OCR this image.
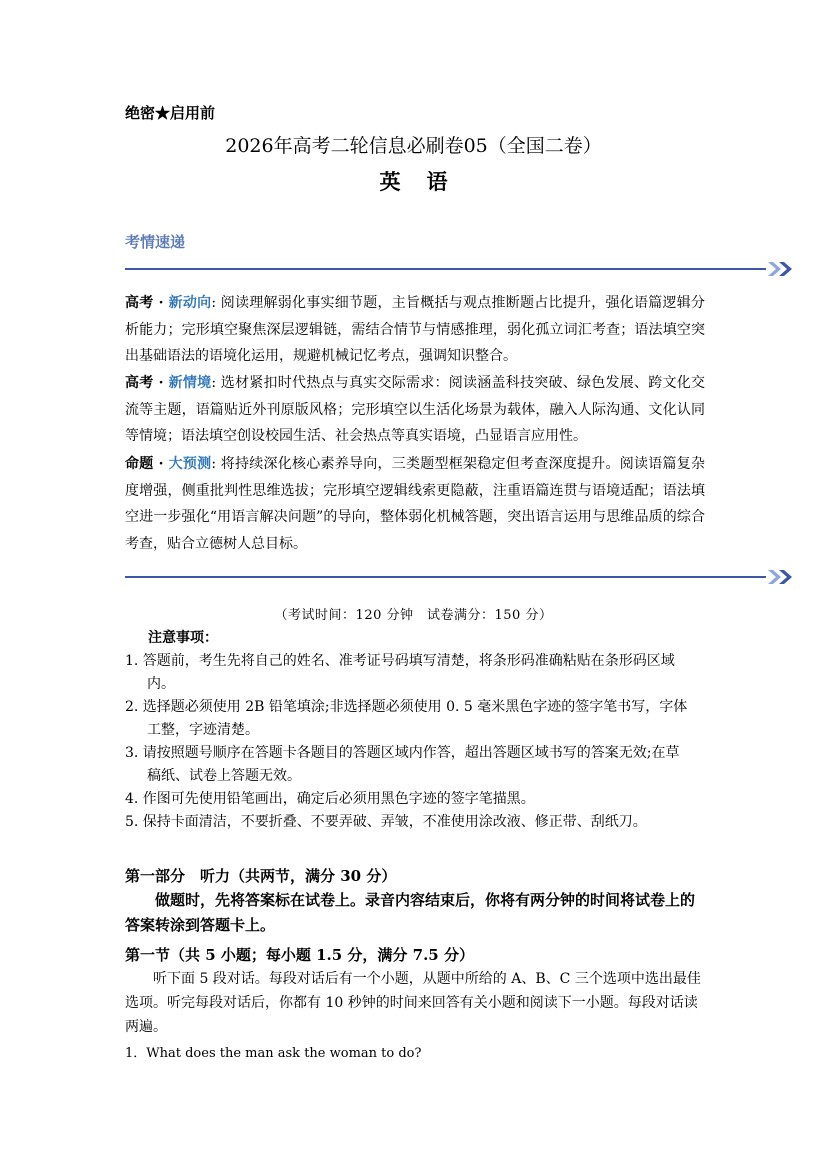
绝密★启用前
2026年高考二轮信息必刷卷05（全国二卷）
英语
考情速递
高考 · 新动向: 阅读理解弱化事实细节题，主旨概括与观点推断题占比提升，强化语篇逻辑分析能力；完形填空聚焦深层逻辑链，需结合情节与情感推理，弱化孤立词汇考查；语法填空突出基础语法的语境化运用，规避机械记忆考点，强调知识整合。
高考 · 新情境: 选材紧扣时代热点与真实交际需求：阅读涵盖科技突破、绿色发展、跨文化交流等主题，语篇贴近外刊原版风格；完形填空以生活化场景为载体，融入人际沟通、文化认同等情境；语法填空创设校园生活、社会热点等真实语境，凸显语言应用性。
命题 · 大预测: 将持续深化核心素养导向，三类题型框架稳定但考查深度提升。阅读语篇复杂度增强，侧重批判性思维选拔；完形填空逻辑线索更隐蔽，注重语篇连贯与语境适配；语法填空进一步强化“用语言解决问题”的导向，整体弱化机械答题，突出语言运用与思维品质的综合考查，贴合立德树人总目标。
（考试时间：120 分钟　试卷满分：150 分）
注意事项：
1. 答题前，考生先将自己的姓名、准考证号码填写清楚，将条形码准确粘贴在条形码区域
内。
2. 选择题必须使用 2B 铅笔填涂;非选择题必须使用 0. 5 毫米黑色字迹的签字笔书写，字体
工整，字迹清楚。
3. 请按照题号顺序在答题卡各题目的答题区域内作答，超出答题区域书写的答案无效;在草
稿纸、试卷上答题无效。
4. 作图可先使用铅笔画出，确定后必须用黑色字迹的签字笔描黑。
5. 保持卡面清洁，不要折叠、不要弄破、弄皱，不准使用涂改液、修正带、刮纸刀。
第一部分　听力（共两节，满分 30 分）
做题时，先将答案标在试卷上。录音内容结束后，你将有两分钟的时间将试卷上的答案转涂到答题卡上。
第一节（共 5 小题；每小题 1.5 分，满分 7.5 分）
听下面 5 段对话。每段对话后有一个小题，从题中所给的 A、B、C 三个选项中选出最佳选项。听完每段对话后，你都有 10 秒钟的时间来回答有关小题和阅读下一小题。每段对话读两遍。
1．What does the man ask the woman to do?
